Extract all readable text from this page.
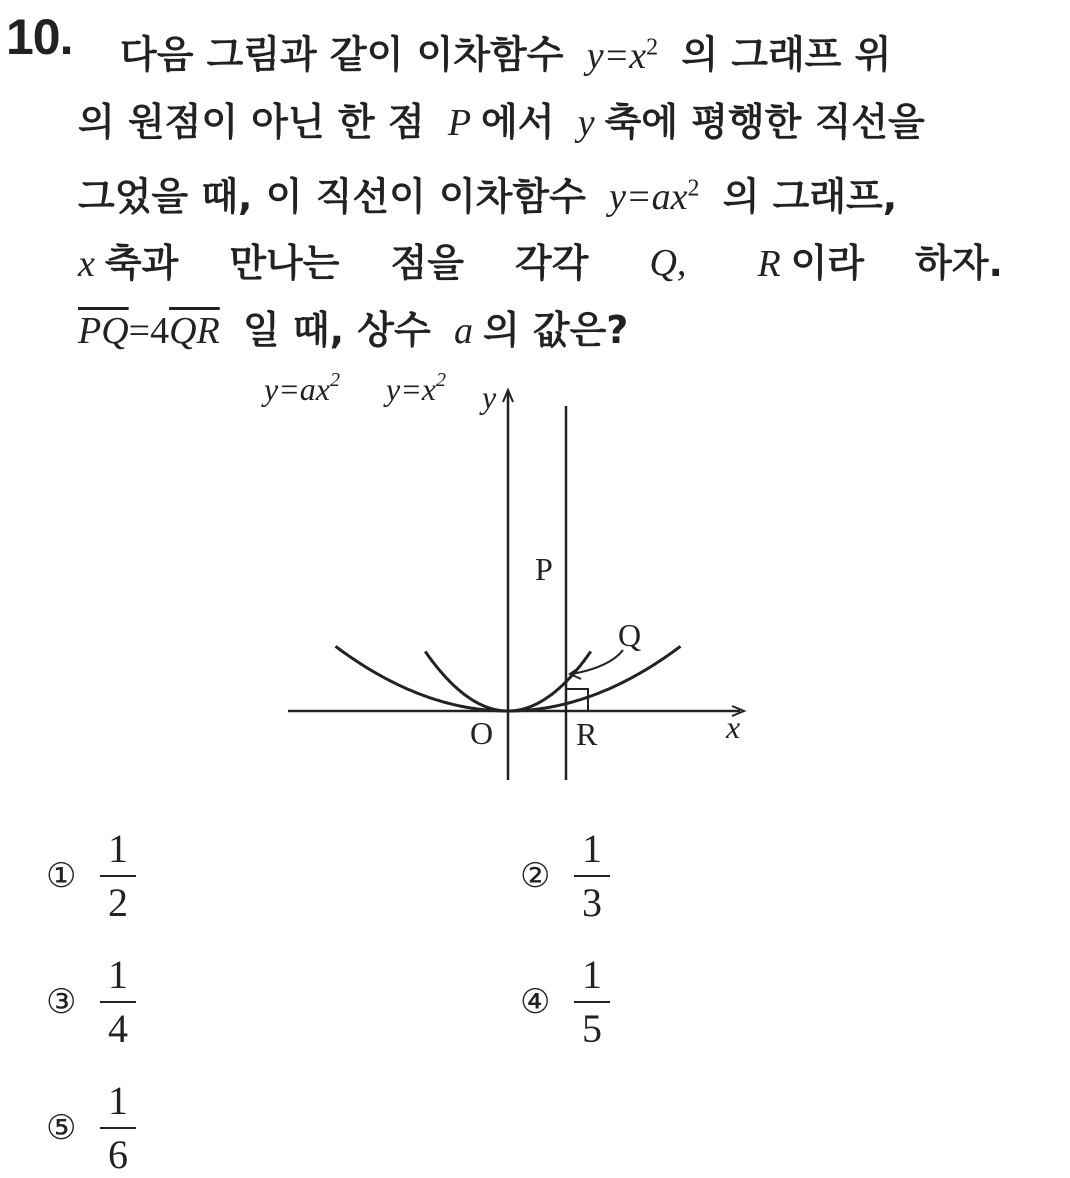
10. 다음 그림과 같이 이차함수 $y=x^2$ 의 그래프 위
의 원점이 아닌 한 점 P 에서 y 축에 평행한 직선을
그었을 때, 이 직선이 이차함수 $y=ax^2$ 의 그래프,
x 축과 만나는 점을 각각 Q, R 이라 하자.
$\overline{PQ}=4\overline{QR}$ 일 때, 상수 a 의 값은?
$y=ax^2$ $y=x^2$ y
x
O
P
Q
R
① $\frac{1}{2}$	② $\frac{1}{3}$
③ $\frac{1}{4}$	④ $\frac{1}{5}$
⑤ $\frac{1}{6}$
